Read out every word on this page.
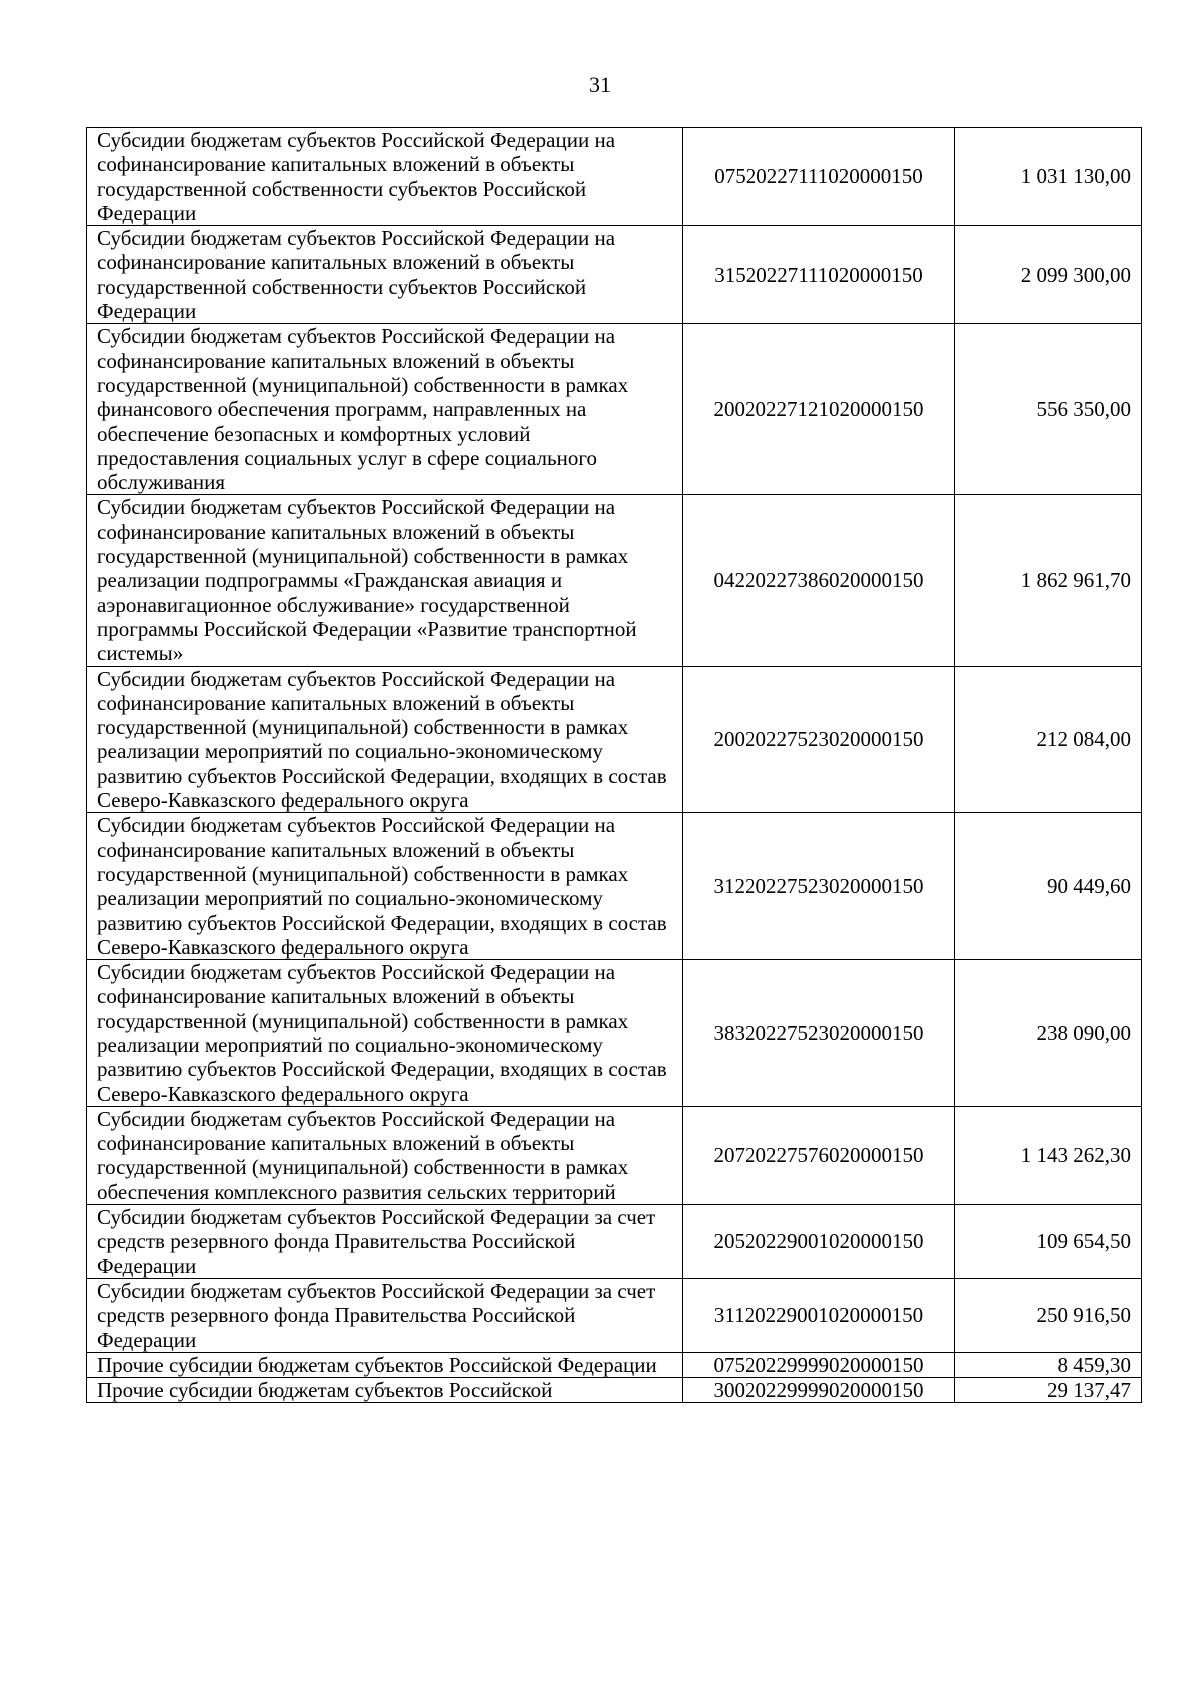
31
Субсидии бюджетам субъектов Российской Федерации на софинансирование капитальных вложений в объекты государственной собственности субъектов Российской Федерации	07520227111020000150	1 031 130,00
Субсидии бюджетам субъектов Российской Федерации на софинансирование капитальных вложений в объекты государственной собственности субъектов Российской Федерации	31520227111020000150	2 099 300,00
Субсидии бюджетам субъектов Российской Федерации на софинансирование капитальных вложений в объекты государственной (муниципальной) собственности в рамках финансового обеспечения программ, направленных на обеспечение безопасных и комфортных условий предоставления социальных услуг в сфере социального обслуживания	20020227121020000150	556 350,00
Субсидии бюджетам субъектов Российской Федерации на софинансирование капитальных вложений в объекты государственной (муниципальной) собственности в рамках реализации подпрограммы «Гражданская авиация и аэронавигационное обслуживание» государственной программы Российской Федерации «Развитие транспортной системы»	04220227386020000150	1 862 961,70
Субсидии бюджетам субъектов Российской Федерации на софинансирование капитальных вложений в объекты государственной (муниципальной) собственности в рамках реализации мероприятий по социально-экономическому развитию субъектов Российской Федерации, входящих в состав Северо-Кавказского федерального округа	20020227523020000150	212 084,00
Субсидии бюджетам субъектов Российской Федерации на софинансирование капитальных вложений в объекты государственной (муниципальной) собственности в рамках реализации мероприятий по социально-экономическому развитию субъектов Российской Федерации, входящих в состав Северо-Кавказского федерального округа	31220227523020000150	90 449,60
Субсидии бюджетам субъектов Российской Федерации на софинансирование капитальных вложений в объекты государственной (муниципальной) собственности в рамках реализации мероприятий по социально-экономическому развитию субъектов Российской Федерации, входящих в состав Северо-Кавказского федерального округа	38320227523020000150	238 090,00
Субсидии бюджетам субъектов Российской Федерации на софинансирование капитальных вложений в объекты государственной (муниципальной) собственности в рамках обеспечения комплексного развития сельских территорий	20720227576020000150	1 143 262,30
Субсидии бюджетам субъектов Российской Федерации за счет средств резервного фонда Правительства Российской Федерации	20520229001020000150	109 654,50
Субсидии бюджетам субъектов Российской Федерации за счет средств резервного фонда Правительства Российской Федерации	31120229001020000150	250 916,50
Прочие субсидии бюджетам субъектов Российской Федерации	07520229999020000150	8 459,30
Прочие субсидии бюджетам субъектов Российской	30020229999020000150	29 137,47
